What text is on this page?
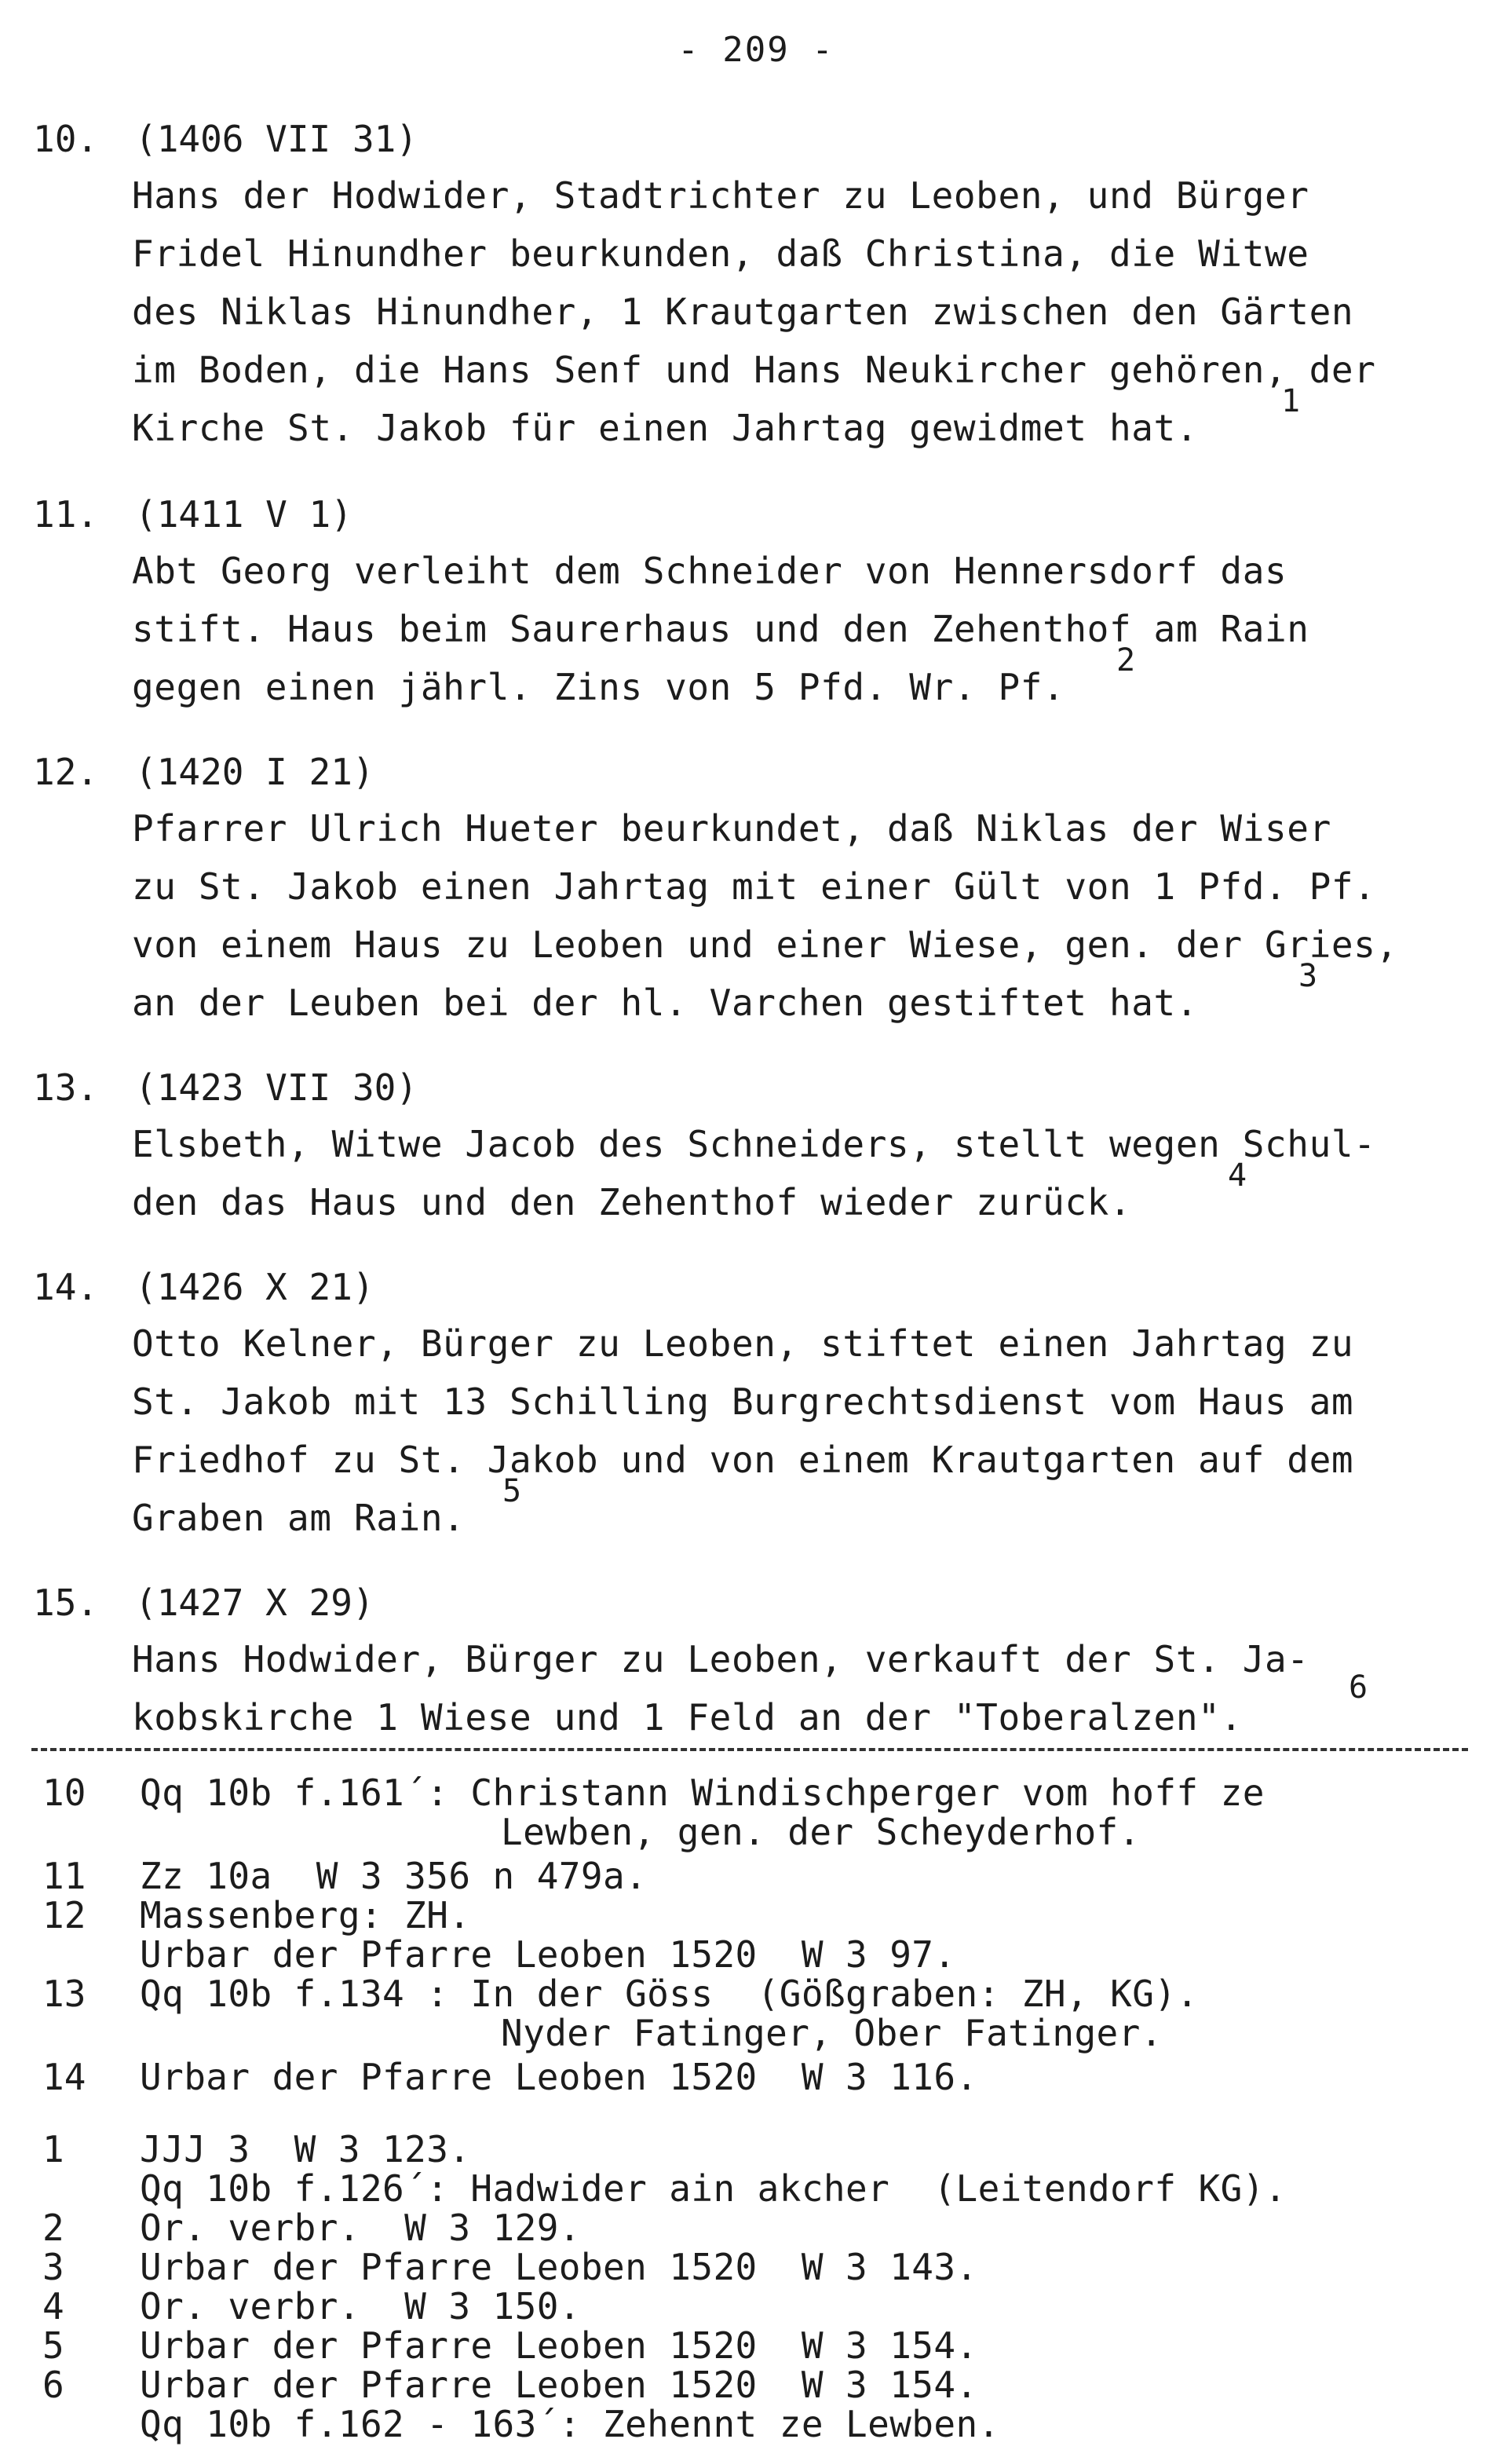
- 209 -
10. (1406 VII 31)
Hans der Hodwider, Stadtrichter zu Leoben, und Bürger
Fridel Hinundher beurkunden, daß Christina, die Witwe
des Niklas Hinundher, 1 Krautgarten zwischen den Gärten
im Boden, die Hans Senf und Hans Neukircher gehören, der
Kirche St. Jakob für einen Jahrtag gewidmet hat.
1
11. (1411 V 1)
Abt Georg verleiht dem Schneider von Hennersdorf das
stift. Haus beim Saurerhaus und den Zehenthof am Rain
gegen einen jährl. Zins von 5 Pfd. Wr. Pf.
2
12. (1420 I 21)
Pfarrer Ulrich Hueter beurkundet, daß Niklas der Wiser
zu St. Jakob einen Jahrtag mit einer Gült von 1 Pfd. Pf.
von einem Haus zu Leoben und einer Wiese, gen. der Gries,
an der Leuben bei der hl. Varchen gestiftet hat.
3
13. (1423 VII 30)
Elsbeth, Witwe Jacob des Schneiders, stellt wegen Schul-
den das Haus und den Zehenthof wieder zurück.
4
14. (1426 X 21)
Otto Kelner, Bürger zu Leoben, stiftet einen Jahrtag zu
St. Jakob mit 13 Schilling Burgrechtsdienst vom Haus am
Friedhof zu St. Jakob und von einem Krautgarten auf dem
Graben am Rain.
5
15. (1427 X 29)
Hans Hodwider, Bürger zu Leoben, verkauft der St. Ja-
kobskirche 1 Wiese und 1 Feld an der "Toberalzen".
6
10 Qq 10b f.161´: Christann Windischperger vom hoff ze
Lewben, gen. der Scheyderhof.
11 Zz 10a  W 3 356 n 479a.
12 Massenberg: ZH.
Urbar der Pfarre Leoben 1520  W 3 97.
13 Qq 10b f.134 : In der Göss  (Gößgraben: ZH, KG).
Nyder Fatinger, Ober Fatinger.
14 Urbar der Pfarre Leoben 1520  W 3 116.
1 JJJ 3  W 3 123.
Qq 10b f.126´: Hadwider ain akcher  (Leitendorf KG).
2 Or. verbr.  W 3 129.
3 Urbar der Pfarre Leoben 1520  W 3 143.
4 Or. verbr.  W 3 150.
5 Urbar der Pfarre Leoben 1520  W 3 154.
6 Urbar der Pfarre Leoben 1520  W 3 154.
Qq 10b f.162 - 163´: Zehennt ze Lewben.
